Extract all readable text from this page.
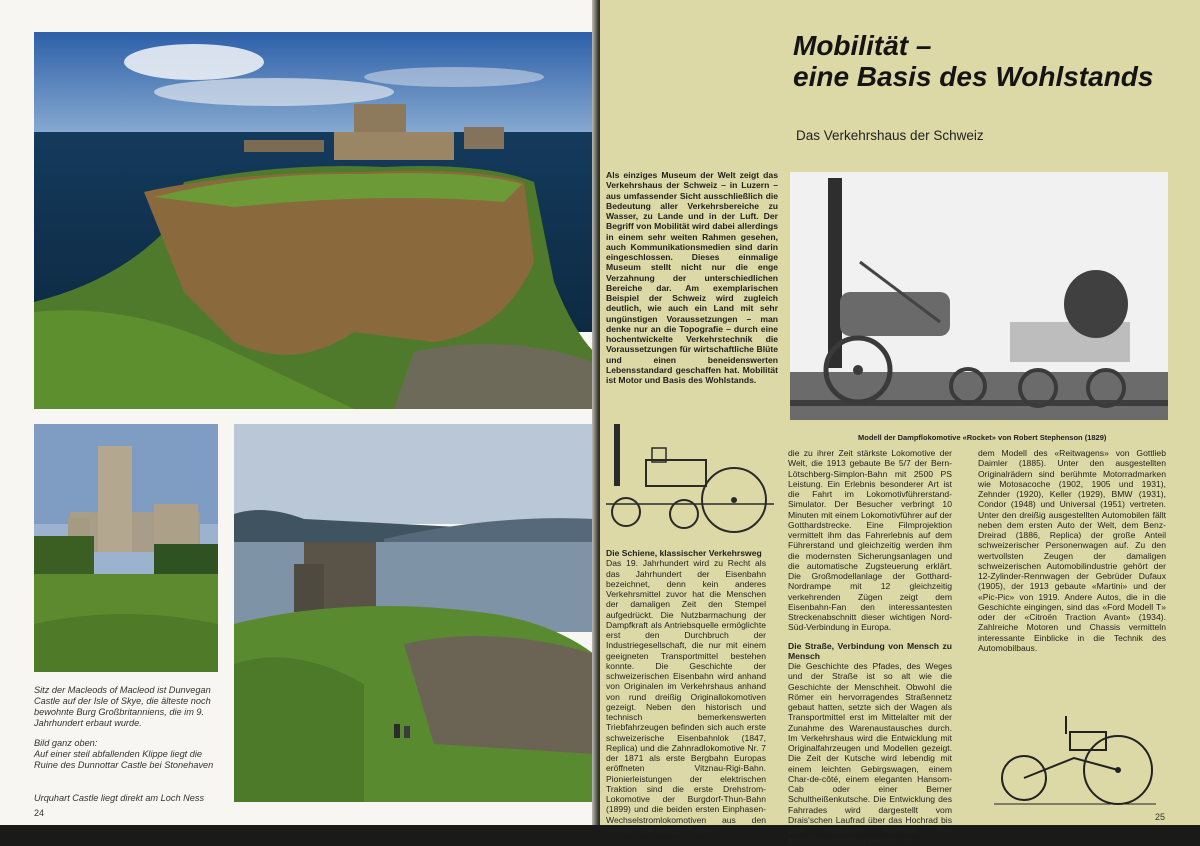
Sitz der Macleods of Macleod ist Dunvegan Castle auf der Isle of Skye, die älteste noch bewohnte Burg Großbritanniens, die im 9. Jahrhundert erbaut wurde.
Bild ganz oben:
Auf einer steil abfallenden Klippe liegt die Ruine des Dunnottar Castle bei Stonehaven
Urquhart Castle liegt direkt am Loch Ness
24
Mobilität –
eine Basis des Wohlstands
Das Verkehrshaus der Schweiz
Als einziges Museum der Welt zeigt das Verkehrshaus der Schweiz – in Luzern – aus umfassender Sicht ausschließlich die Bedeutung aller Verkehrsbereiche zu Wasser, zu Lande und in der Luft. Der Begriff von Mobilität wird dabei allerdings in einem sehr weiten Rahmen gesehen, auch Kommunikationsmedien sind darin eingeschlossen. Dieses einmalige Museum stellt nicht nur die enge Verzahnung der unterschiedlichen Bereiche dar. Am exemplarischen Beispiel der Schweiz wird zugleich deutlich, wie auch ein Land mit sehr ungünstigen Voraussetzungen – man denke nur an die Topografie – durch eine hochentwickelte Verkehrstechnik die Voraussetzungen für wirtschaftliche Blüte und einen beneidenswerten Lebensstandard geschaffen hat. Mobilität ist Motor und Basis des Wohlstands.
Modell der Dampflokomotive «Rocket» von Robert Stephenson (1829)
Die Schiene, klassischer Verkehrsweg

Das 19. Jahrhundert wird zu Recht als das Jahrhundert der Eisenbahn bezeichnet, denn kein anderes Verkehrsmittel zuvor hat die Menschen der damaligen Zeit den Stempel aufgedrückt. Die Nutzbarmachung der Dampfkraft als Antriebsquelle ermöglichte erst den Durchbruch der Industriegesellschaft, die nur mit einem geeigneten Transportmittel bestehen konnte. Die Geschichte der schweizerischen Eisenbahn wird anhand von Originalen im Verkehrshaus anhand von rund dreißig Originallokomotiven gezeigt. Neben den historisch und technisch bemerkenswerten Triebfahrzeugen befinden sich auch erste schweizerische Eisenbahnlok (1847, Replica) und die Zahnradlokomotive Nr. 7 der 1871 als erste Bergbahn Europas eröffneten Vitznau-Rigi-Bahn. Pionierleistungen der elektrischen Traktion sind die erste Drehstrom-Lokomotive der Burgdorf-Thun-Bahn (1899) und die beiden ersten Einphasen-Wechselstromlokomotiven aus den Jahren 1904 und 1905, oder

die zu ihrer Zeit stärkste Lokomotive der Welt, die 1913 gebaute Be 5/7 der Bern-Lötschberg-Simplon-Bahn mit 2500 PS Leistung. Ein Erlebnis besonderer Art ist die Fahrt im Lokomotivführerstand-Simulator. Der Besucher verbringt 10 Minuten mit einem Lokomotivführer auf der Gotthardstrecke. Eine Filmprojektion vermittelt ihm das Fahrerlebnis auf dem Führerstand und gleichzeitig werden ihm die modernsten Sicherungsanlagen und die automatische Zugsteuerung erklärt. Die Großmodellanlage der Gotthard-Nordrampe mit 12 gleichzeitig verkehrenden Zügen zeigt dem Eisenbahn-Fan den interessantesten Streckenabschnitt dieser wichtigen Nord-Süd-Verbindung in Europa.

Die Straße, Verbindung von Mensch zu Mensch

Die Geschichte des Pfades, des Weges und der Straße ist so alt wie die Geschichte der Menschheit. Obwohl die Römer ein hervorragendes Straßennetz gebaut hatten, setzte sich der Wagen als Transportmittel erst im Mittelalter mit der Zunahme des Warenaustausches durch. Im Verkehrshaus wird die Entwicklung mit Originalfahrzeugen und Modellen gezeigt. Die Zeit der Kutsche wird lebendig mit einem leichten Gebirgswagen, einem Char-de-côté, einem eleganten Hansom-Cab oder einer Berner Schultheißenkutsche. Die Entwicklung des Fahrrades wird dargestellt vom Drais'schen Laufrad über das Hochrad bis zum modernen Rennrad. Die Motorradausstellung beginnt mit

dem Modell des «Reitwagens» von Gottlieb Daimler (1885). Unter den ausgestellten Originalrädern sind berühmte Motorradmarken wie Motosacoche (1902, 1905 und 1931), Zehnder (1920), Keller (1929), BMW (1931), Condor (1948) und Universal (1951) vertreten. Unter den dreißig ausgestellten Automobilen fällt neben dem ersten Auto der Welt, dem Benz-Dreirad (1886, Replica) der große Anteil schweizerischer Personenwagen auf. Zu den wertvollsten Zeugen der damaligen schweizerischen Automobilindustrie gehört der 12-Zylinder-Rennwagen der Gebrüder Dufaux (1905), der 1913 gebaute «Martini» und der «Pic-Pic» von 1919. Andere Autos, die in die Geschichte eingingen, sind das «Ford Modell T» oder der «Citroën Traction Avant» (1934). Zahlreiche Motoren und Chassis vermitteln interessante Einblicke in die Technik des Automobilbaus.

25
